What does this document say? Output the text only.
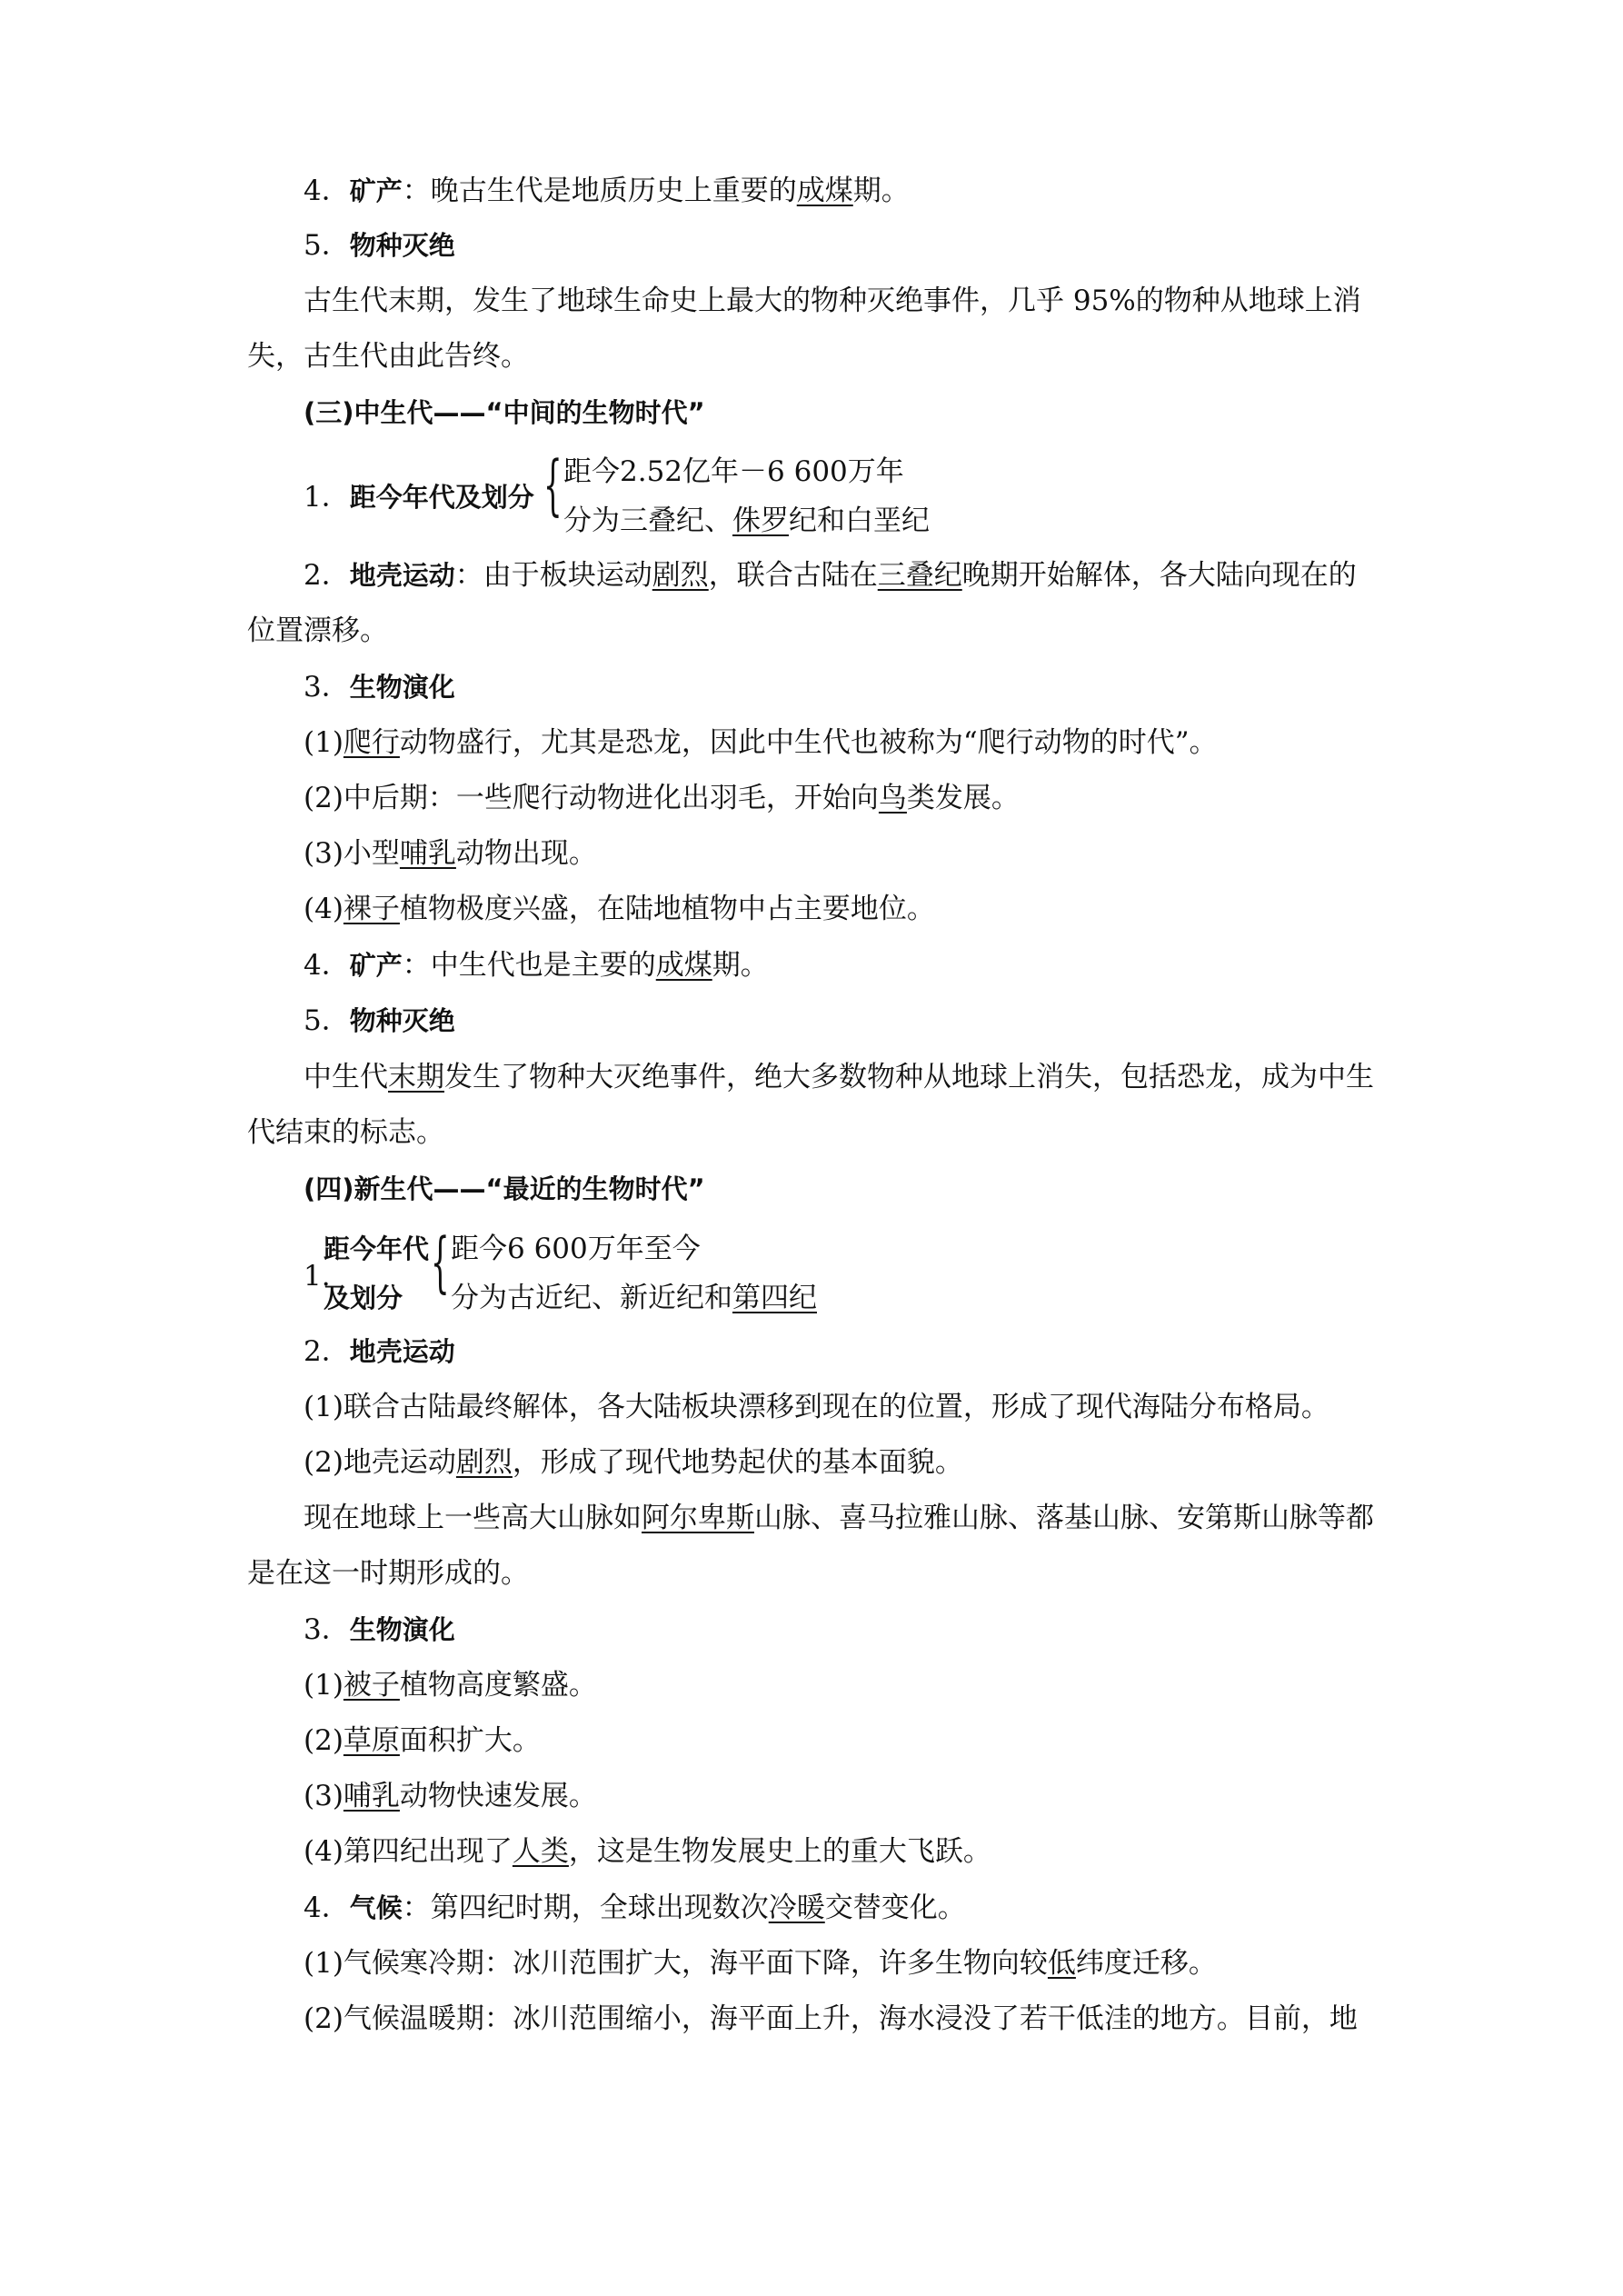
4．矿产：晚古生代是地质历史上重要的成煤期。
5．物种灭绝
古生代末期，发生了地球生命史上最大的物种灭绝事件，几乎 95%的物种从地球上消
失，古生代由此告终。
(三)中生代——“中间的生物时代”
1．距今年代及划分 { 距今2.52亿年－6 600万年
分为三叠纪、侏罗纪和白垩纪
2．地壳运动：由于板块运动剧烈，联合古陆在三叠纪晚期开始解体，各大陆向现在的
位置漂移。
3．生物演化
(1)爬行动物盛行，尤其是恐龙，因此中生代也被称为“爬行动物的时代”。
(2)中后期：一些爬行动物进化出羽毛，开始向鸟类发展。
(3)小型哺乳动物出现。
(4)裸子植物极度兴盛，在陆地植物中占主要地位。
4．矿产：中生代也是主要的成煤期。
5．物种灭绝
中生代末期发生了物种大灭绝事件，绝大多数物种从地球上消失，包括恐龙，成为中生
代结束的标志。
(四)新生代——“最近的生物时代”
1.
距今年代
及划分 { 距今6 600万年至今
分为古近纪、新近纪和第四纪
2．地壳运动
(1)联合古陆最终解体，各大陆板块漂移到现在的位置，形成了现代海陆分布格局。
(2)地壳运动剧烈，形成了现代地势起伏的基本面貌。
现在地球上一些高大山脉如阿尔卑斯山脉、喜马拉雅山脉、落基山脉、安第斯山脉等都
是在这一时期形成的。
3．生物演化
(1)被子植物高度繁盛。
(2)草原面积扩大。
(3)哺乳动物快速发展。
(4)第四纪出现了人类，这是生物发展史上的重大飞跃。
4．气候：第四纪时期，全球出现数次冷暖交替变化。
(1)气候寒冷期：冰川范围扩大，海平面下降，许多生物向较低纬度迁移。
(2)气候温暖期：冰川范围缩小，海平面上升，海水浸没了若干低洼的地方。目前，地
